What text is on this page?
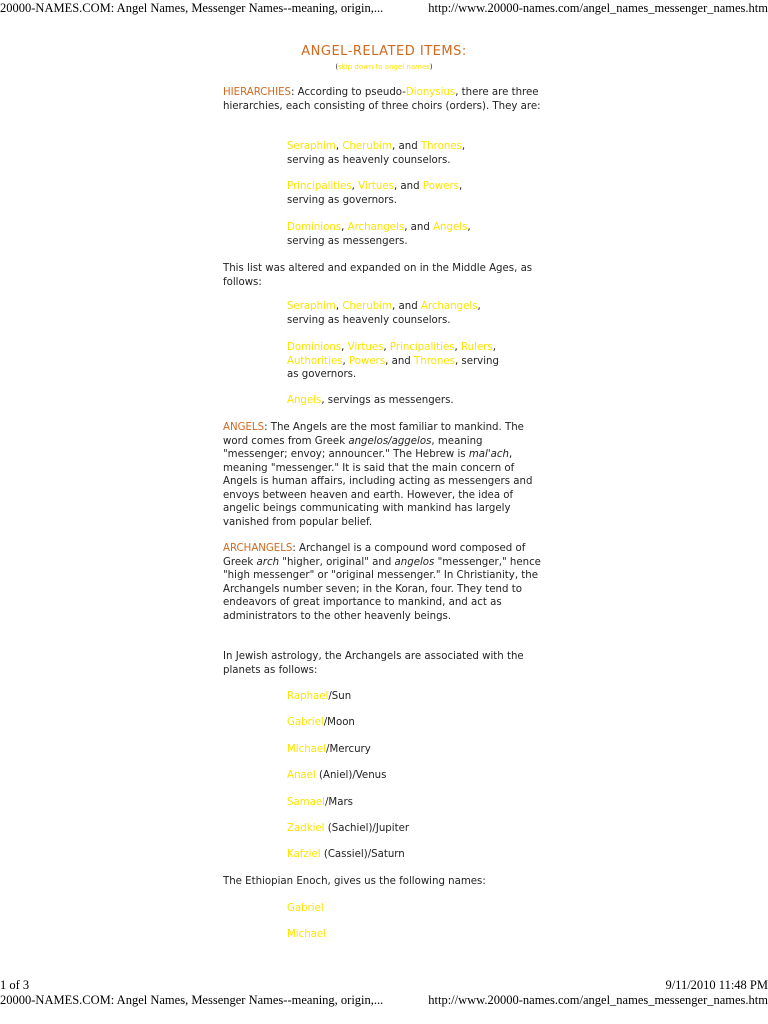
20000-NAMES.COM: Angel Names, Messenger Names--meaning, origin,...	http://www.20000-names.com/angel_names_messenger_names.htm
ANGEL-RELATED ITEMS:
(skip down to angel names)
HIERARCHIES: According to pseudo-Dionysius, there are three hierarchies, each consisting of three choirs (orders). They are:
Seraphim, Cherubim, and Thrones,
serving as heavenly counselors.
Principalities, Virtues, and Powers,
serving as governors.
Dominions, Archangels, and Angels,
serving as messengers.
This list was altered and expanded on in the Middle Ages, as follows:
Seraphim, Cherubim, and Archangels,
serving as heavenly counselors.
Dominions, Virtues, Principalities, Rulers, Authorities, Powers, and Thrones, serving
as governors.
Angels, servings as messengers.
ANGELS: The Angels are the most familiar to mankind. The word comes from Greek angelos/aggelos, meaning "messenger; envoy; announcer." The Hebrew is mal'ach, meaning "messenger." It is said that the main concern of Angels is human affairs, including acting as messengers and envoys between heaven and earth. However, the idea of angelic beings communicating with mankind has largely vanished from popular belief.
ARCHANGELS: Archangel is a compound word composed of Greek arch "higher, original" and angelos "messenger," hence "high messenger" or "original messenger." In Christianity, the Archangels number seven; in the Koran, four. They tend to endeavors of great importance to mankind, and act as administrators to the other heavenly beings.
In Jewish astrology, the Archangels are associated with the planets as follows:
Raphael/Sun
Gabriel/Moon
Michael/Mercury
Anael (Aniel)/Venus
Samael/Mars
Zadkiel (Sachiel)/Jupiter
Kafziel (Cassiel)/Saturn
The Ethiopian Enoch, gives us the following names:
Gabriel
Michael
1 of 3	9/11/2010 11:48 PM
20000-NAMES.COM: Angel Names, Messenger Names--meaning, origin,...	http://www.20000-names.com/angel_names_messenger_names.htm
